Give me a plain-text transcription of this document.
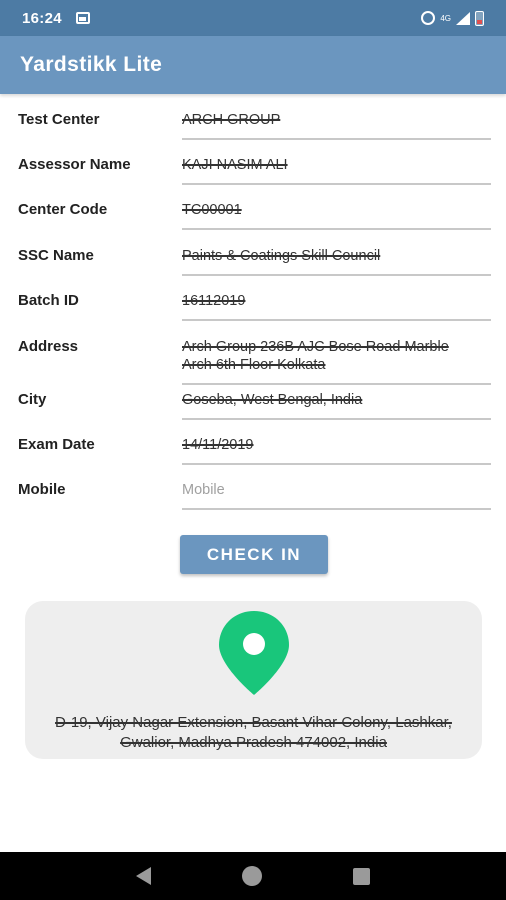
16:24	4G
Yardstikk Lite
Test Center	ARCH GROUP
Assessor Name	KAJI NASIM ALI
Center Code	TC00001
SSC Name	Paints & Coatings Skill Council
Batch ID	16112019
Address	Arch Group 236B AJC Bose Road Marble Arch 6th Floor Kolkata
City	Goseba, West Bengal, India
Exam Date	14/11/2019
Mobile	Mobile
CHECK IN
D-19, Vijay Nagar Extension, Basant Vihar Colony, Lashkar, Gwalior, Madhya Pradesh 474002, India
